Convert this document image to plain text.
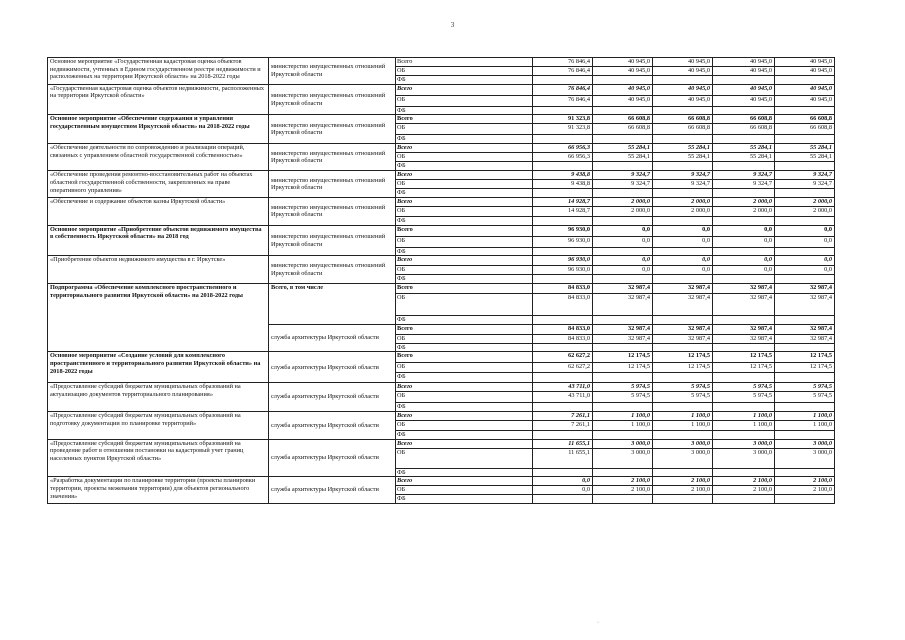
3
Основное мероприятие «Государственная кадастровая оценка объектов недвижимости, учтенных в Едином государственном реестре недвижимости и расположенных на территории Иркутской области» на 2018-2022 годы	министерство имущественных отношений Иркутской области	Всего	76 846,4	40 945,0	40 945,0	40 945,0	40 945,0
		ОБ	76 846,4	40 945,0	40 945,0	40 945,0	40 945,0
		ФБ					
«Государственная кадастровая оценка объектов недвижимости, расположенных на территории Иркутской области»	министерство имущественных отношений Иркутской области	Всего	76 846,4	40 945,0	40 945,0	40 945,0	40 945,0
		ОБ	76 846,4	40 945,0	40 945,0	40 945,0	40 945,0
		ФБ					
Основное мероприятие «Обеспечение содержания и управления государственным имуществом Иркутской области» на 2018-2022 годы	министерство имущественных отношений Иркутской области	Всего	91 323,8	66 608,8	66 608,8	66 608,8	66 608,8
		ОБ	91 323,8	66 608,8	66 608,8	66 608,8	66 608,8
		ФБ					
«Обеспечение деятельности по сопровождению и реализации операций, связанных с управлением областной государственной собственностью»	министерство имущественных отношений Иркутской области	Всего	66 956,3	55 284,1	55 284,1	55 284,1	55 284,1
		ОБ	66 956,3	55 284,1	55 284,1	55 284,1	55 284,1
		ФБ					
«Обеспечение проведения ремонтно-восстановительных работ на объектах областной государственной собственности, закрепленных на праве оперативного управления»	министерство имущественных отношений Иркутской области	Всего	9 438,8	9 324,7	9 324,7	9 324,7	9 324,7
		ОБ	9 438,8	9 324,7	9 324,7	9 324,7	9 324,7
		ФБ					
«Обеспечение и содержание объектов казны Иркутской области»	министерство имущественных отношений Иркутской области	Всего	14 928,7	2 000,0	2 000,0	2 000,0	2 000,0
		ОБ	14 928,7	2 000,0	2 000,0	2 000,0	2 000,0
		ФБ					
Основное мероприятие «Приобретение объектов недвижимого имущества в собственность Иркутской области» на 2018 год	министерство имущественных отношений Иркутской области	Всего	96 930,0	0,0	0,0	0,0	0,0
		ОБ	96 930,0	0,0	0,0	0,0	0,0
		ФБ					
«Приобретение объектов недвижимого имущества в г. Иркутске»	министерство имущественных отношений Иркутской области	Всего	96 930,0	0,0	0,0	0,0	0,0
		ОБ	96 930,0	0,0	0,0	0,0	0,0
		ФБ					
Подпрограмма «Обеспечение комплексного пространственного и территориального развития Иркутской области» на 2018-2022 годы	Всего, в том числе	Всего	84 833,0	32 987,4	32 987,4	32 987,4	32 987,4
		ОБ	84 833,0	32 987,4	32 987,4	32 987,4	32 987,4
		ФБ					
	служба архитектуры Иркутской области	Всего	84 833,0	32 987,4	32 987,4	32 987,4	32 987,4
		ОБ	84 833,0	32 987,4	32 987,4	32 987,4	32 987,4
		ФБ					
Основное мероприятие «Создание условий для комплексного пространственного и территориального развития Иркутской области» на 2018-2022 годы	служба архитектуры Иркутской области	Всего	62 627,2	12 174,5	12 174,5	12 174,5	12 174,5
		ОБ	62 627,2	12 174,5	12 174,5	12 174,5	12 174,5
		ФБ					
«Предоставление субсидий бюджетам муниципальных образований на актуализацию документов территориального планирования»	служба архитектуры Иркутской области	Всего	43 711,0	5 974,5	5 974,5	5 974,5	5 974,5
		ОБ	43 711,0	5 974,5	5 974,5	5 974,5	5 974,5
		ФБ					
«Предоставление субсидий бюджетам муниципальных образований на подготовку документации по планировке территорий»	служба архитектуры Иркутской области	Всего	7 261,1	1 100,0	1 100,0	1 100,0	1 100,0
		ОБ	7 261,1	1 100,0	1 100,0	1 100,0	1 100,0
		ФБ					
«Предоставление субсидий бюджетам муниципальных образований на проведение работ в отношении постановки на кадастровый учет границ населенных пунктов Иркутской области»	служба архитектуры Иркутской области	Всего	11 655,1	3 000,0	3 000,0	3 000,0	3 000,0
		ОБ	11 655,1	3 000,0	3 000,0	3 000,0	3 000,0
		ФБ					
«Разработка документации по планировке территории (проекты планировки территории, проекты межевания территории) для объектов регионального значения»	служба архитектуры Иркутской области	Всего	0,0	2 100,0	2 100,0	2 100,0	2 100,0
		ОБ	0,0	2 100,0	2 100,0	2 100,0	2 100,0
		ФБ					
·
